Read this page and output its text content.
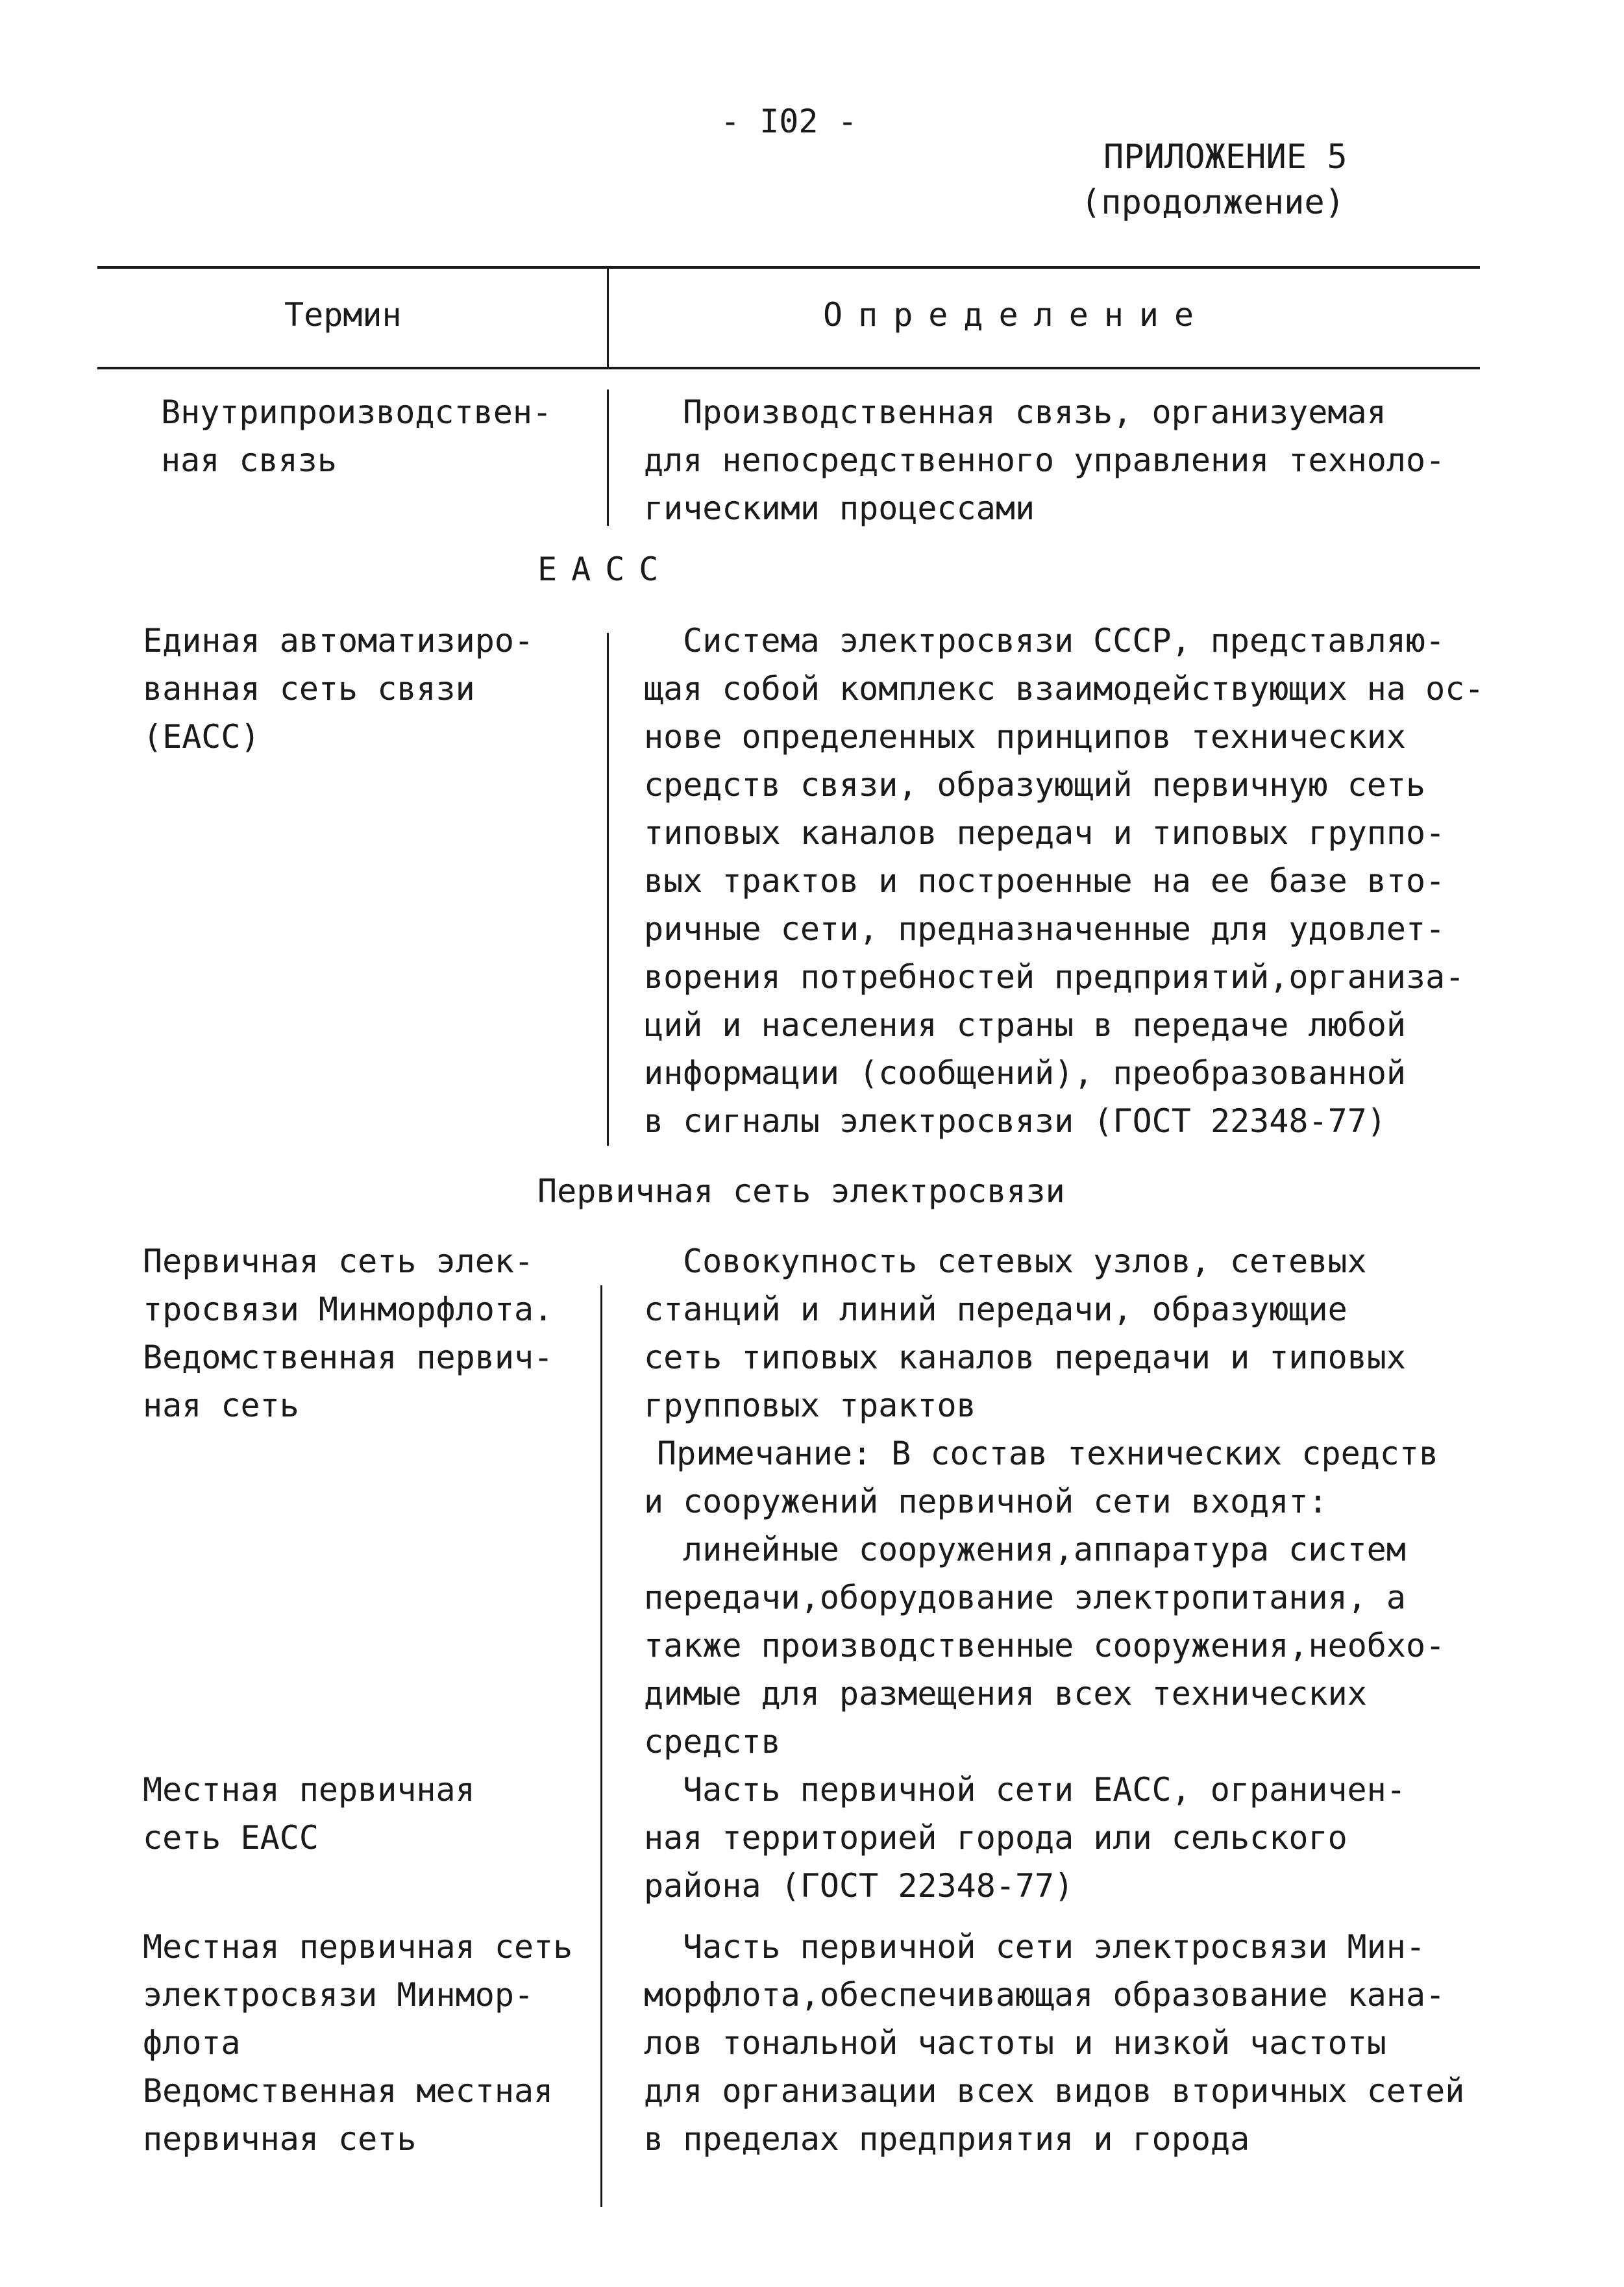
- I02 -
ПРИЛОЖЕНИЕ 5
(продолжение)
Термин	Определение
Внутрипроизводствен-
ная связь
Производственная связь, организуемая
для непосредственного управления техноло-
гическими процессами
ЕАСС
Единая автоматизиро-
ванная сеть связи
(ЕАСС)
Система электросвязи СССР, представляю-
щая собой комплекс взаимодействующих на ос-
нове определенных принципов технических
средств связи, образующий первичную сеть
типовых каналов передач и типовых группо-
вых трактов и построенные на ее базе вто-
ричные сети, предназначенные для удовлет-
ворения потребностей предприятий,организа-
ций и населения страны в передаче любой
информации (сообщений), преобразованной
в сигналы электросвязи (ГОСТ 22348-77)
Первичная сеть электросвязи
Первичная сеть элек-
тросвязи Минморфлота.
Ведомственная первич-
ная сеть
Совокупность сетевых узлов, сетевых
станций и линий передачи, образующие
сеть типовых каналов передачи и типовых
групповых трактов
Примечание: В состав технических средств
и сооружений первичной сети входят:
линейные сооружения,аппаратура систем
передачи,оборудование электропитания, а
также производственные сооружения,необхо-
димые для размещения всех технических
средств
Местная первичная
сеть ЕАСС
Часть первичной сети ЕАСС, ограничен-
ная территорией города или сельского
района (ГОСТ 22348-77)
Местная первичная сеть
электросвязи Минмор-
флота
Ведомственная местная
первичная сеть
Часть первичной сети электросвязи Мин-
морфлота,обеспечивающая образование кана-
лов тональной частоты и низкой частоты
для организации всех видов вторичных сетей
в пределах предприятия и города
